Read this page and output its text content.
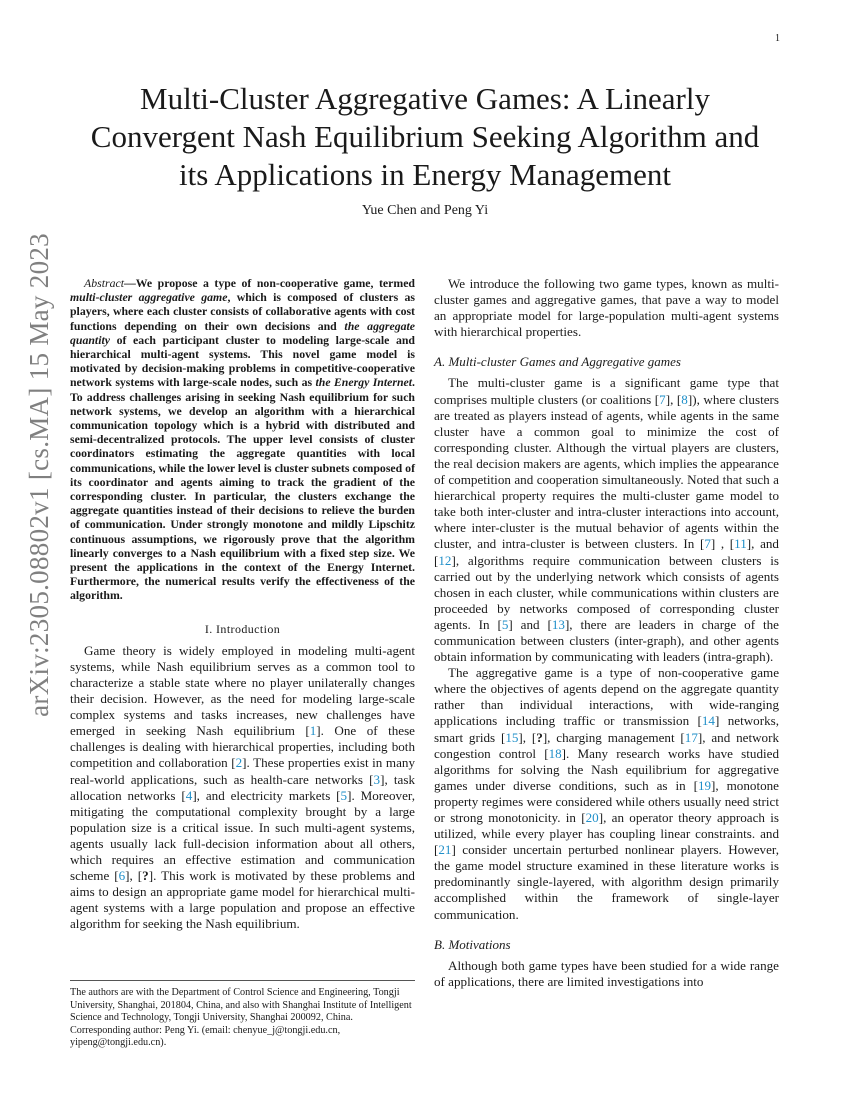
1
arXiv:2305.08802v1 [cs.MA] 15 May 2023
Multi-Cluster Aggregative Games: A Linearly Convergent Nash Equilibrium Seeking Algorithm and its Applications in Energy Management
Yue Chen and Peng Yi

Abstract—We propose a type of non-cooperative game, termed multi-cluster aggregative game, which is composed of clusters as players, where each cluster consists of collaborative agents with cost functions depending on their own decisions and the aggregate quantity of each participant cluster to modeling large-scale and hierarchical multi-agent systems. This novel game model is motivated by decision-making problems in competitive-cooperative network systems with large-scale nodes, such as the Energy Internet. To address challenges arising in seeking Nash equilibrium for such network systems, we develop an algorithm with a hierarchical communication topology which is a hybrid with distributed and semi-decentralized protocols. The upper level consists of cluster coordinators estimating the aggregate quantities with local communications, while the lower level is cluster subnets composed of its coordinator and agents aiming to track the gradient of the corresponding cluster. In particular, the clusters exchange the aggregate quantities instead of their decisions to relieve the burden of communication. Under strongly monotone and mildly Lipschitz continuous assumptions, we rigorously prove that the algorithm linearly converges to a Nash equilibrium with a fixed step size. We present the applications in the context of the Energy Internet. Furthermore, the numerical results verify the effectiveness of the algorithm.

I. Introduction

Game theory is widely employed in modeling multi-agent systems, while Nash equilibrium serves as a common tool to characterize a stable state where no player unilaterally changes their decision. However, as the need for modeling large-scale complex systems and tasks increases, new challenges have emerged in seeking Nash equilibrium [1]. One of these challenges is dealing with hierarchical properties, including both competition and collaboration [2]. These properties exist in many real-world applications, such as health-care networks [3], task allocation networks [4], and electricity markets [5]. Moreover, mitigating the computational complexity brought by a large population size is a critical issue. In such multi-agent systems, agents usually lack full-decision information about all others, which requires an effective estimation and communication scheme [6], [?]. This work is motivated by these problems and aims to design an appropriate game model for hierarchical multi-agent systems with a large population and propose an effective algorithm for seeking the Nash equilibrium.

The authors are with the Department of Control Science and Engineering, Tongji University, Shanghai, 201804, China, and also with Shanghai Institute of Intelligent Science and Technology, Tongji University, Shanghai 200092, China. Corresponding author: Peng Yi. (email: chenyue_j@tongji.edu.cn, yipeng@tongji.edu.cn).

We introduce the following two game types, known as multi-cluster games and aggregative games, that pave a way to model an appropriate model for large-population multi-agent systems with hierarchical properties.

A. Multi-cluster Games and Aggregative games

The multi-cluster game is a significant game type that comprises multiple clusters (or coalitions [7], [8]), where clusters are treated as players instead of agents, while agents in the same cluster have a common goal to minimize the cost of corresponding cluster. Although the virtual players are clusters, the real decision makers are agents, which implies the appearance of competition and cooperation simultaneously. Noted that such a hierarchical property requires the multi-cluster game model to take both inter-cluster and intra-cluster interactions into account, where inter-cluster is the mutual behavior of agents within the cluster, and intra-cluster is between clusters. In [7] , [11], and [12], algorithms require communication between clusters is carried out by the underlying network which consists of agents chosen in each cluster, while communications within clusters are proceeded by networks composed of corresponding cluster agents. In [5] and [13], there are leaders in charge of the communication between clusters (inter-graph), and other agents obtain information by communicating with leaders (intra-graph).

The aggregative game is a type of non-cooperative game where the objectives of agents depend on the aggregate quantity rather than individual interactions, with wide-ranging applications including traffic or transmission [14] networks, smart grids [15], [?], charging management [17], and network congestion control [18]. Many research works have studied algorithms for solving the Nash equilibrium for aggregative games under diverse conditions, such as in [19], monotone property regimes were considered while others usually need strict or strong monotonicity. in [20], an operator theory approach is utilized, while every player has coupling linear constraints. and [21] consider uncertain perturbed nonlinear players. However, the game model structure examined in these literature works is predominantly single-layered, with algorithm design primarily accomplished within the framework of single-layer communication.

B. Motivations

Although both game types have been studied for a wide range of applications, there are limited investigations into
